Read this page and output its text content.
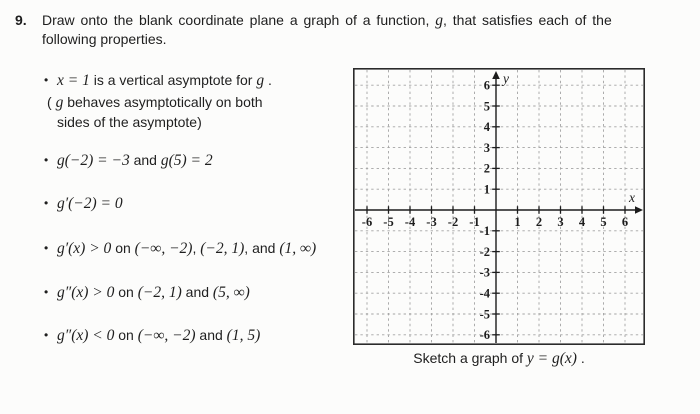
9. Draw onto the blank coordinate plane a graph of a function, g, that satisfies each of the
following properties.
• x = 1 is a vertical asymptote for g .
( g behaves asymptotically on both
sides of the asymptote)
• g(−2) = −3 and g(5) = 2
• g′(−2) = 0
• g′(x) > 0 on (−∞, −2), (−2, 1), and (1, ∞)
• g″(x) > 0 on (−2, 1) and (5, ∞)
• g″(x) < 0 on (−∞, −2) and (1, 5)
-6
-6
-5
-5
-4
-4
-3
-3
-2
-2
-1
-1
1
1
2
2
3
3
4
4
5
5
6
6 y
x
Sketch a graph of y = g(x) .
